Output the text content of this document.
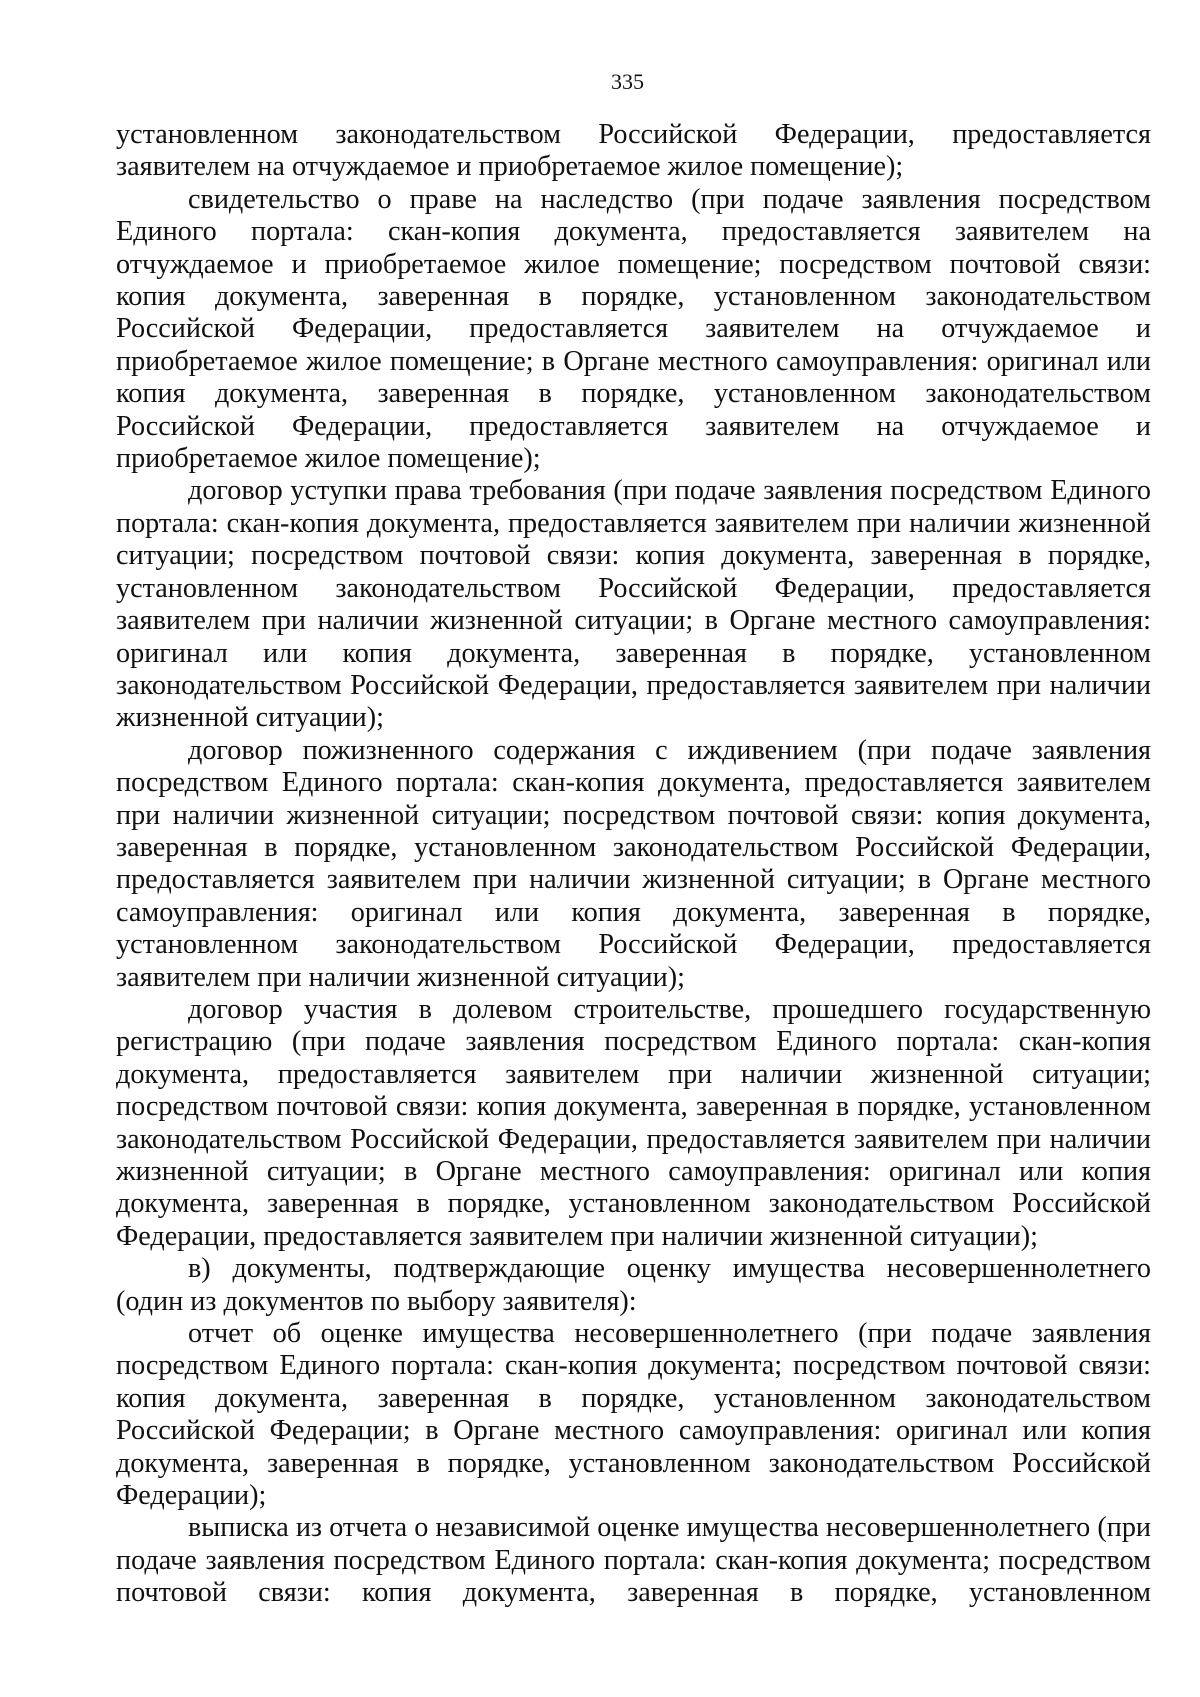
335

установленном законодательством Российской Федерации, предоставляется заявителем на отчуждаемое и приобретаемое жилое помещение);

свидетельство о праве на наследство (при подаче заявления посредством Единого портала: скан-копия документа, предоставляется заявителем на отчуждаемое и приобретаемое жилое помещение; посредством почтовой связи: копия документа, заверенная в порядке, установленном законодательством Российской Федерации, предоставляется заявителем на отчуждаемое и приобретаемое жилое помещение; в Органе местного самоуправления: оригинал или копия документа, заверенная в порядке, установленном законодательством Российской Федерации, предоставляется заявителем на отчуждаемое и приобретаемое жилое помещение);

договор уступки права требования (при подаче заявления посредством Единого портала: скан-копия документа, предоставляется заявителем при наличии жизненной ситуации; посредством почтовой связи: копия документа, заверенная в порядке, установленном законодательством Российской Федерации, предоставляется заявителем при наличии жизненной ситуации; в Органе местного самоуправления: оригинал или копия документа, заверенная в порядке, установленном законодательством Российской Федерации, предоставляется заявителем при наличии жизненной ситуации);

договор пожизненного содержания с иждивением (при подаче заявления посредством Единого портала: скан-копия документа, предоставляется заявителем при наличии жизненной ситуации; посредством почтовой связи: копия документа, заверенная в порядке, установленном законодательством Российской Федерации, предоставляется заявителем при наличии жизненной ситуации; в Органе местного самоуправления: оригинал или копия документа, заверенная в порядке, установленном законодательством Российской Федерации, предоставляется заявителем при наличии жизненной ситуации);

договор участия в долевом строительстве, прошедшего государственную регистрацию (при подаче заявления посредством Единого портала: скан-копия документа, предоставляется заявителем при наличии жизненной ситуации; посредством почтовой связи: копия документа, заверенная в порядке, установленном законодательством Российской Федерации, предоставляется заявителем при наличии жизненной ситуации; в Органе местного самоуправления: оригинал или копия документа, заверенная в порядке, установленном законодательством Российской Федерации, предоставляется заявителем при наличии жизненной ситуации);

в) документы, подтверждающие оценку имущества несовершеннолетнего (один из документов по выбору заявителя):

отчет об оценке имущества несовершеннолетнего (при подаче заявления посредством Единого портала: скан-копия документа; посредством почтовой связи: копия документа, заверенная в порядке, установленном законодательством Российской Федерации; в Органе местного самоуправления: оригинал или копия документа, заверенная в порядке, установленном законодательством Российской Федерации);

выписка из отчета о независимой оценке имущества несовершеннолетнего (при подаче заявления посредством Единого портала: скан-копия документа; посредством почтовой связи: копия документа, заверенная в порядке, установленном
